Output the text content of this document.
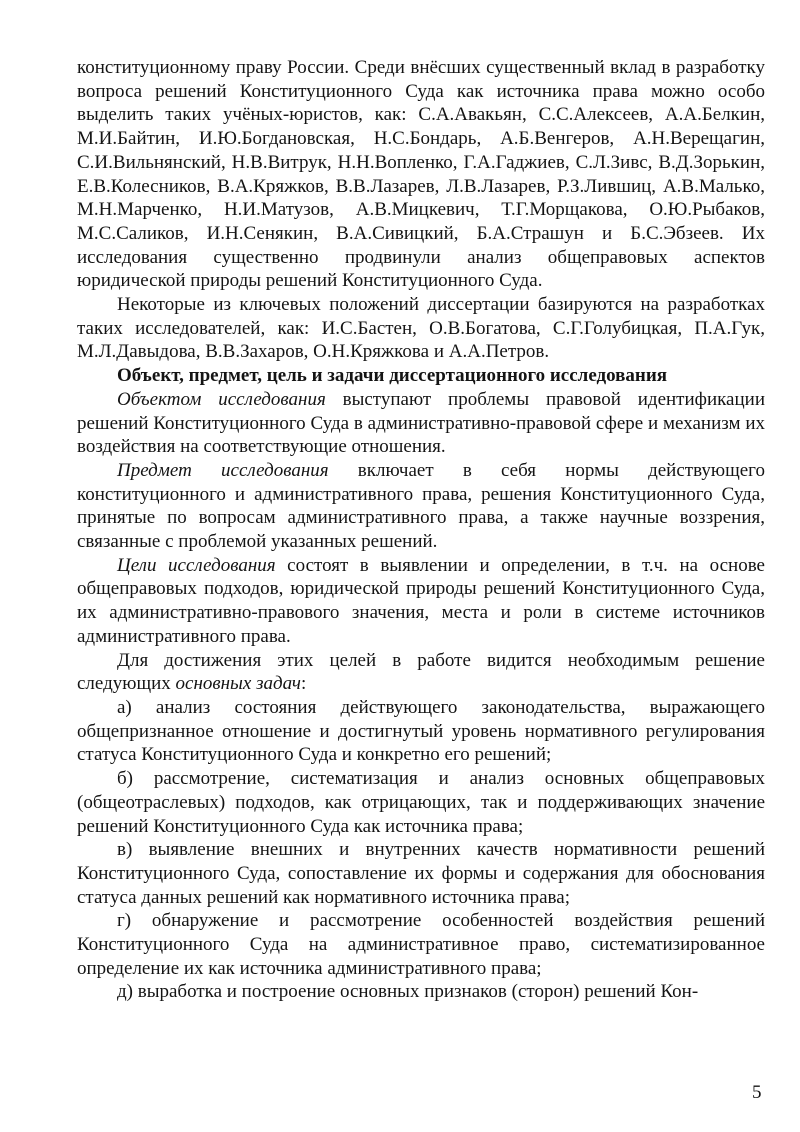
конституционному праву России. Среди внёсших существенный вклад в разработку вопроса решений Конституционного Суда как источника права можно особо выделить таких учёных-юристов, как: С.А.Авакьян, С.С.Алексеев, А.А.Белкин, М.И.Байтин, И.Ю.Богдановская, Н.С.Бондарь, А.Б.Венгеров, А.Н.Верещагин, С.И.Вильнянский, Н.В.Витрук, Н.Н.Вопленко, Г.А.Гаджиев, С.Л.Зивс, В.Д.Зорькин, Е.В.Колесников, В.А.Кряжков, В.В.Лазарев, Л.В.Лазарев, Р.З.Лившиц, А.В.Малько, М.Н.Марченко, Н.И.Матузов, А.В.Мицкевич, Т.Г.Морщакова, О.Ю.Рыбаков, М.С.Саликов, И.Н.Сенякин, В.А.Сивицкий, Б.А.Страшун и Б.С.Эбзеев. Их исследования существенно продвинули анализ общеправовых аспектов юридической природы решений Конституционного Суда.

Некоторые из ключевых положений диссертации базируются на разработках таких исследователей, как: И.С.Бастен, О.В.Богатова, С.Г.Голубицкая, П.А.Гук, М.Л.Давыдова, В.В.Захаров, О.Н.Кряжкова и А.А.Петров.

Объект, предмет, цель и задачи диссертационного исследования

Объектом исследования выступают проблемы правовой идентификации решений Конституционного Суда в административно-правовой сфере и механизм их воздействия на соответствующие отношения.

Предмет исследования включает в себя нормы действующего конституционного и административного права, решения Конституционного Суда, принятые по вопросам административного права, а также научные воззрения, связанные с проблемой указанных решений.

Цели исследования состоят в выявлении и определении, в т.ч. на основе общеправовых подходов, юридической природы решений Конституционного Суда, их административно-правового значения, места и роли в системе источников административного права.

Для достижения этих целей в работе видится необходимым решение следующих основных задач:

а) анализ состояния действующего законодательства, выражающего общепризнанное отношение и достигнутый уровень нормативного регулирования статуса Конституционного Суда и конкретно его решений;

б) рассмотрение, систематизация и анализ основных общеправовых (общеотраслевых) подходов, как отрицающих, так и поддерживающих значение решений Конституционного Суда как источника права;

в) выявление внешних и внутренних качеств нормативности решений Конституционного Суда, сопоставление их формы и содержания для обоснования статуса данных решений как нормативного источника права;

г) обнаружение и рассмотрение особенностей воздействия решений Конституционного Суда на административное право, систематизированное определение их как источника административного права;

д) выработка и построение основных признаков (сторон) решений Кон-

5
